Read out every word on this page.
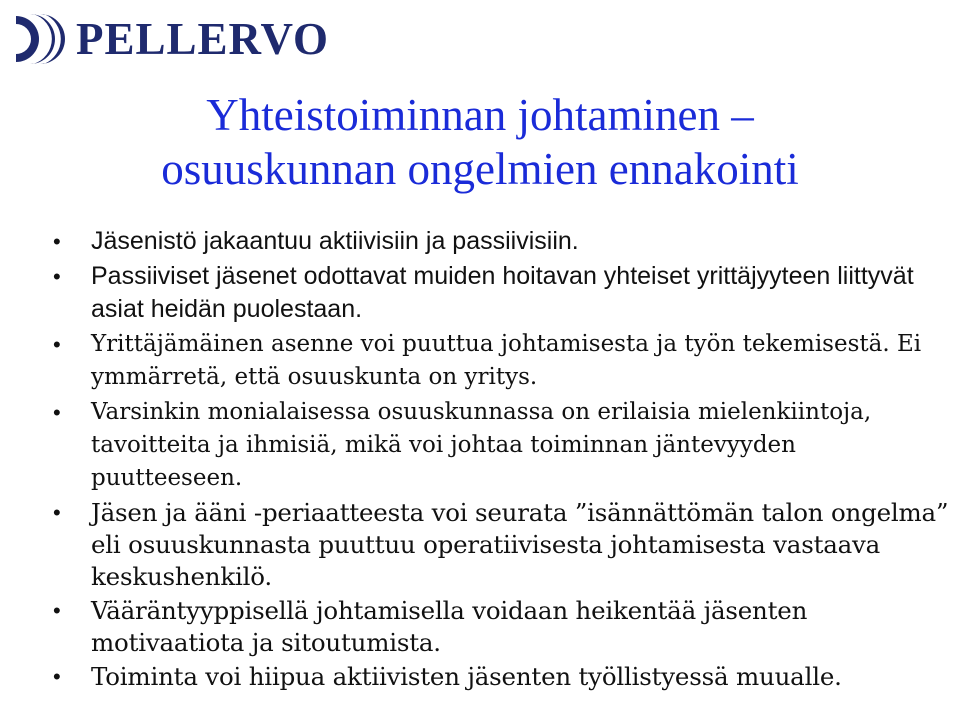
PELLERVO
Yhteistoiminnan johtaminen –
osuuskunnan ongelmien ennakointi
• Jäsenistö jakaantuu aktiivisiin ja passiivisiin.
• Passiiviset jäsenet odottavat muiden hoitavan yhteiset yrittäjyyteen liittyvät asiat heidän puolestaan.
• Yrittäjämäinen asenne voi puuttua johtamisesta ja työn tekemisestä. Ei ymmärretä, että osuuskunta on yritys.
• Varsinkin monialaisessa osuuskunnassa on erilaisia mielenkiintoja, tavoitteita ja ihmisiä, mikä voi johtaa toiminnan jäntevyyden puutteeseen.
• Jäsen ja ääni -periaatteesta voi seurata ”isännättömän talon ongelma” eli osuuskunnasta puuttuu operatiivisesta johtamisesta vastaava keskushenkilö.
• Vääräntyyppisellä johtamisella voidaan heikentää jäsenten motivaatiota ja sitoutumista.
• Toiminta voi hiipua aktiivisten jäsenten työllistyessä muualle.
